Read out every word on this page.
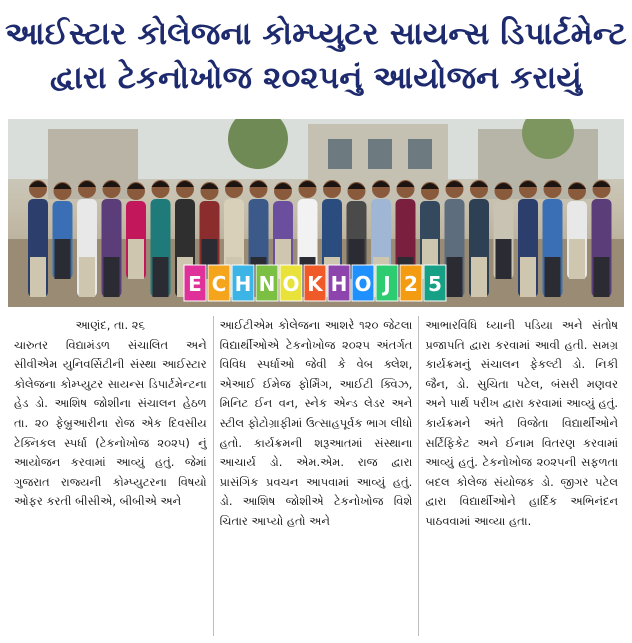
આઈસ્ટાર કોલેજના કોમ્પ્યુટર સાયન્સ ડિપાર્ટમેન્ટ
દ્વારા ટેકનોખોજ ૨૦૨૫નું આયોજન કરાયું
E C H N O K H O J 2 5
આણંદ, તા. ૨૬

ચારુતર વિદ્યામંડળ સંચાલિત અને સીવીએમ યુનિવર્સિટીની સંસ્થા આઈસ્ટાર કોલેજના કોમ્પ્યુટર સાયન્સ ડિપાર્ટમેન્ટના હેડ ડો. આશિષ જોશીના સંચાલન હેઠળ તા. ૨૦ ફેબ્રુઆરીના રોજ એક દિવસીય ટેક્નિકલ સ્પર્ધા (ટેકનોખોજ ૨૦૨૫) નું આયોજન કરવામાં આવ્યું હતું. જેમાં ગુજરાત રાજ્યની કોમ્પ્યુટરના વિષયો ઓફર કરતી બીસીએ, બીબીએ અને

આઈટીએમ કોલેજના આશરે ૧૨૦ જેટલા વિદ્યાર્થીઓએ ટેકનોખોજ ૨૦૨૫ અંતર્ગત વિવિધ સ્પર્ધાઓ જેવી કે વેબ ક્લેશ, એઆઈ ઈમેજ ફોર્મિંગ, આઈટી ક્વિઝ, મિનિટ ઈન વન, સ્નેક એન્ડ લેડર અને સ્ટીલ ફોટોગ્રાફીમાં ઉત્સાહપૂર્વક ભાગ લીધો હતો. કાર્યક્રમની શરૂઆતમાં સંસ્થાના આચાર્ય ડો. એમ.એમ. રાજ દ્વારા પ્રાસંગિક પ્રવચન આપવામાં આવ્યું હતું. ડો. આશિષ જોશીએ ટેકનોખોજ વિશે ચિતાર આપ્યો હતો અને

આભારવિધિ ધ્યાની પડિયા અને સંતોષ પ્રજાપતિ દ્વારા કરવામાં આવી હતી. સમગ્ર કાર્યક્રમનું સંચાલન ફેકલ્ટી ડો. નિકી જૈન, ડો. સુચિતા પટેલ, બંસરી મણવર અને પાર્થ પરીખ દ્વારા કરવામાં આવ્યું હતું. કાર્યક્રમને અંતે વિજેતા વિદ્યાર્થીઓને સર્ટિફિકેટ અને ઈનામ વિતરણ કરવામાં આવ્યું હતું. ટેકનોખોજ ૨૦૨૫ની સફળતા બદલ કોલેજ સંયોજક ડો. જીગર પટેલ દ્વારા વિદ્યાર્થીઓને હાર્દિક અભિનંદન પાઠવવામાં આવ્યા હતા.
